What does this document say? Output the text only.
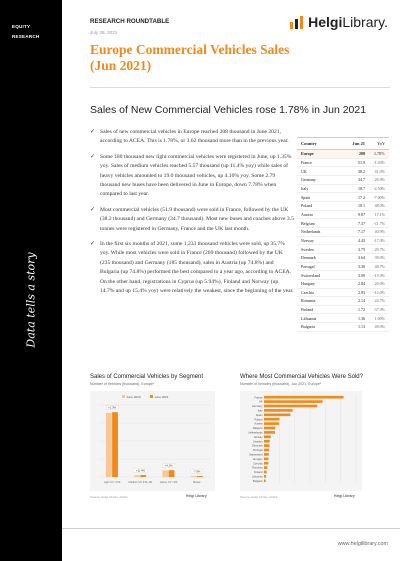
EQUITY
RESEARCH
Data tells a story
RESEARCH ROUNDTABLE
July 28, 2021
Europe Commercial Vehicles Sales
(Jun 2021)
HelgiLibrary.
Sales of New Commercial Vehicles rose 1.78% in Jun 2021
✓ Sales of new commercial vehicles in Europe reached 208 thousand in June 2021, according to ACEA. This is 1.78%, or 3.62 thousand more than in the previous year.
✓ Some 180 thousand new light commercial vehicles were registered in June, up 1.35% yoy. Sales of medium vehicles reached 5.57 thousand (up 11.4% yoy) while sales of heavy vehicles amounted to 19.0 thousand vehicles, up 4.10% yoy. Some 2.79 thousand new buses have been delivered in June in Europe, down 7.78% when compared to last year.
✓ Most commercial vehicles (51.9 thousand) were sold in France, followed by the UK (38.2 thousand) and Germany (34.7 thousand). Most new buses and coaches above 3.5 tonnes were registered in Germany, France and the UK last month.
✓ In the first six months of 2021, some 1,233 thousand vehicles were sold, up 35.7% yoy. While most vehicles were sold in France (269 thousand) followed by the UK (235 thousand) and Germany (185 thousand), sales in Austria (up 74.8%) and Bulgaria (up 74.8%) performed the best compared to a year ago, according to ACEA. On the other hand, registrations in Cyprus (up 5.94%), Finland and Norway (up 14.7% and up 15.4% yoy) were relatively the weakest, since the beginning of the year.
Country	Jun 21	YoY
Europe	208	1.78%
France	51.9	-1.43%
UK	38.2	41.0%
Germany	34.7	26.9%
Italy	18.7	-2.50%
Spain	17.2	-7.00%
Poland	10.1	48.0%
Austria	9.87	17.1%
Belgium	7.37	-11.7%
Netherlands	7.17	40.9%
Norway	4.43	-17.0%
Sweden	3.75	29.7%
Denmark	3.64	39.0%
Portugal	3.30	48.7%
Switzerland	3.09	-15.0%
Hungary	2.84	20.0%
Czechia	2.83	-12.0%
Romania	2.14	24.7%
Finland	1.72	-37.9%
Lithuania	1.36	1.00%
Bulgaria	1.13	49.0%
Sales of Commercial Vehicles by Segment
Number of Vehicles (thousand), Europe*
June 2020	June 2021
+1.3%
Light CV <3.5t
+11.4%
Medium CV 3.5t–16t
+4.1%
Heavy CV >16t
-7.8%
Buses
Source: Helgi Library, ACEA	Helgi Library
Where Most Commercial Vehicles Were Sold?
Number of Vehicles (thousand), Jun 2021, Europe*
France
UK
Germany
Italy
Spain
Poland
Austria
Belgium
Netherlands
Norway
Sweden
Denmark
Portugal
Switzerland
Hungary
Czechia
Romania
Finland
Lithuania
Bulgaria
Source: Helgi Library, ACEA	Helgi Library
www.helgilibrary.com
